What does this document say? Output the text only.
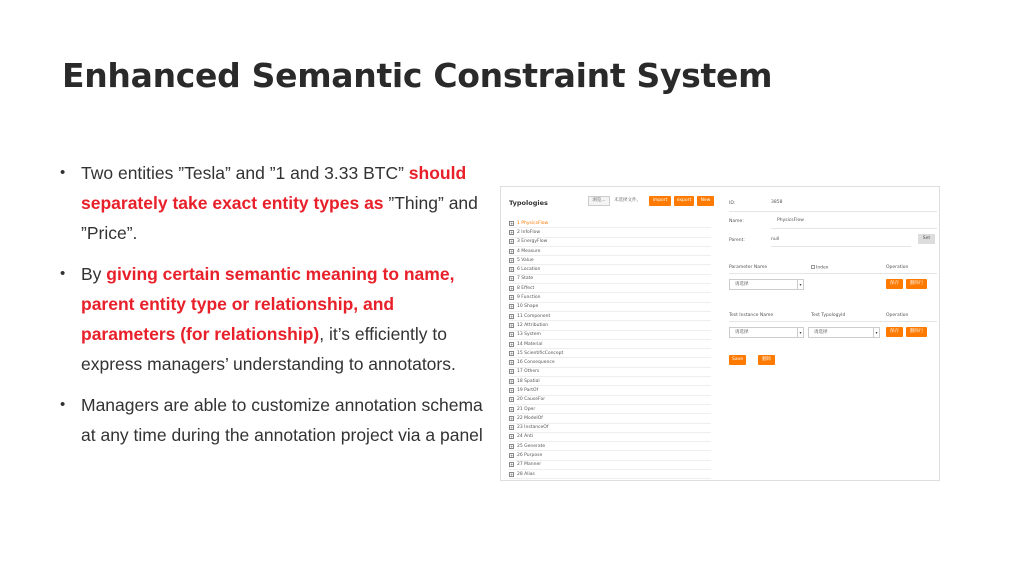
Enhanced Semantic Constraint System
• Two entities ”Tesla” and ”1 and 3.33 BTC” should separately take exact entity types as ”Thing” and ”Price”.
• By giving certain semantic meaning to name, parent entity type or relationship, and parameters (for relationship), it’s efficiently to express managers’ understanding to annotators.
• Managers are able to customize annotation schema at any time during the annotation project via a panel
Typologies	浏览...	未选择文件。	import	export	New
+ 1 PhysicsFlow
+ 2 InfoFlow
+ 3 EnergyFlow
+ 4 Measure
+ 5 Value
+ 6 Location
+ 7 State
+ 8 Effect
+ 9 Function
+ 10 Shape
+ 11 Component
+ 12 Attribution
+ 13 System
+ 14 Material
+ 15 ScientificConcept
+ 16 Consequence
+ 17 Others
+ 18 Spatial
+ 19 PartOf
+ 20 CauseFor
+ 21 Oper
+ 22 ModelOf
+ 23 InstanceOf
+ 24 Anti
+ 25 Generate
+ 26 Purpose
+ 27 Manner
+ 28 Alias
ID：	3858
Name：	PhysicsFlow
Parent：	null	Set
Parameter Name	Index	Operation
请选择	▾	保存	删除行
Test Instance Name	Test TypologyId	Operation
请选择	▾	请选择	▾	保存	删除行
Save	删除
